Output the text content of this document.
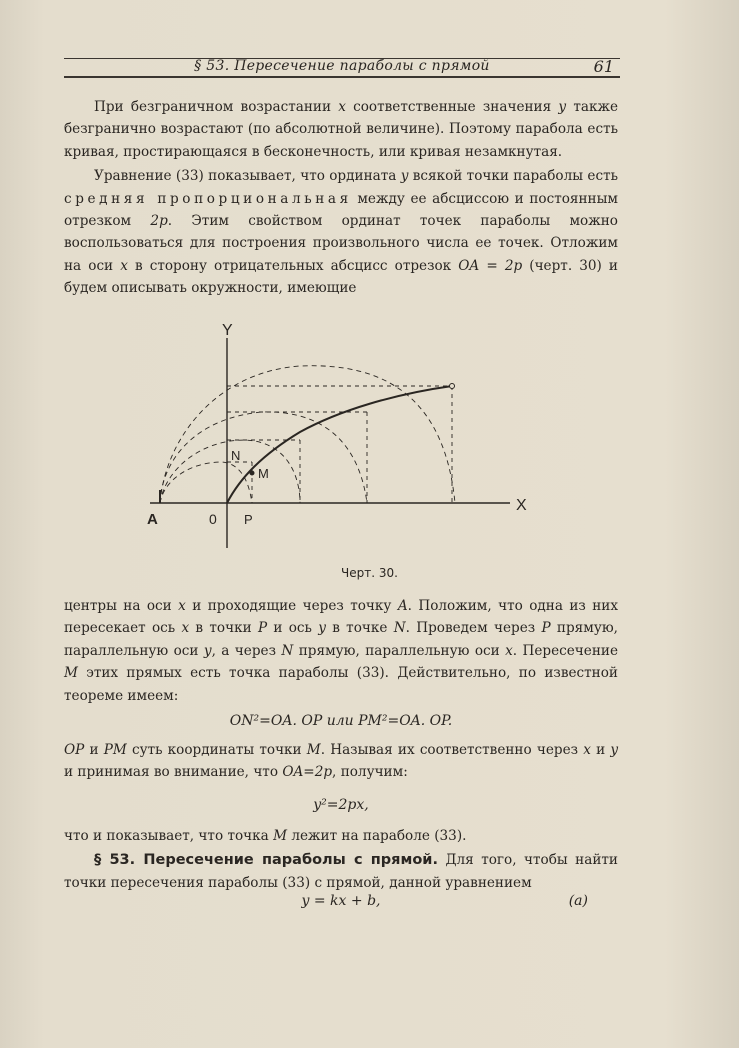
§ 53. Пересечение параболы с прямой	61

При безграничном возрастании x соответственные значения y также безгранично возрастают (по абсолютной величине). Поэтому парабола есть кривая, простирающаяся в бесконечность, или кривая незамкнутая.

Уравнение (33) показывает, что ордината y всякой точки параболы есть средняя пропорциональная между ее абсциссою и постоянным отрезком 2p. Этим свойством ординат точек параболы можно воспользоваться для построения произвольного числа ее точек. Отложим на оси x в сторону отрицательных абсцисс отрезок OA = 2p (черт. 30) и будем описывать окружности, имеющие

Y
X
A	0 P
N
M
Черт. 30.

центры на оси x и проходящие через точку A. Положим, что одна из них пересекает ось x в точки P и ось y в точке N. Проведем через P прямую, параллельную оси y, а через N прямую, параллельную оси x. Пересечение M этих прямых есть точка параболы (33). Действительно, по известной теореме имеем:

ON²=OA. OP или PM²=OA. OP.

OP и PM суть координаты точки M. Называя их соответственно через x и y и принимая во внимание, что OA=2p, получим:

y²=2px,

что и показывает, что точка M лежит на параболе (33).

§ 53. Пересечение параболы с прямой. Для того, чтобы найти точки пересечения параболы (33) с прямой, данной уравнением

y = kx + b,	(a)
